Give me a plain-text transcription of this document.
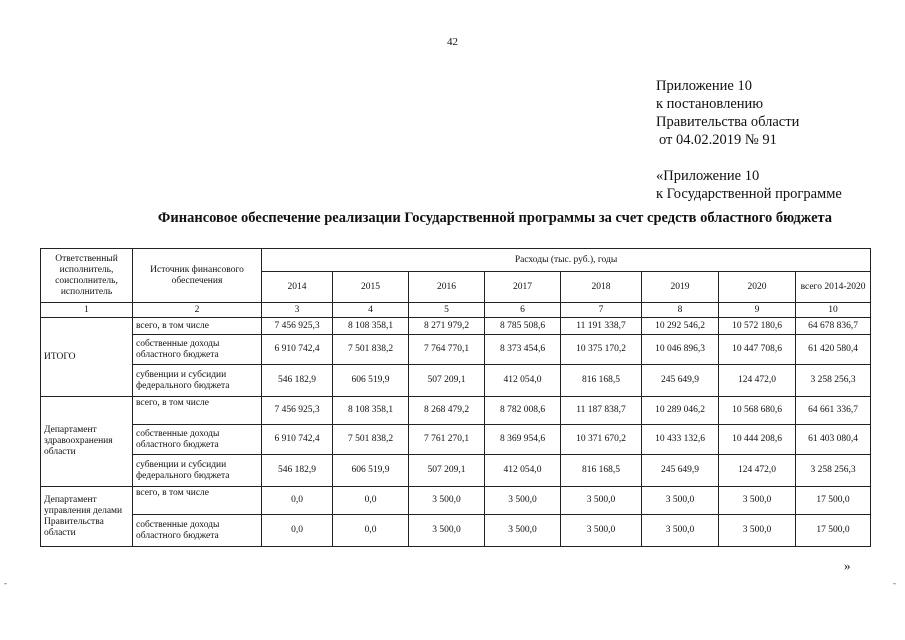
42
Приложение 10
к постановлению
Правительства области
от 04.02.2019 № 91
«Приложение 10
к Государственной программе
Финансовое обеспечение реализации Государственной программы за счет средств областного бюджета
Ответственный исполнитель, соисполнитель, исполнитель	Источник финансового обеспечения	Расходы (тыс. руб.), годы							
		2014	2015	2016	2017	2018	2019	2020	всего 2014-2020
1	2	3	4	5	6	7	8	9	10
ИТОГО	всего, в том числе	7 456 925,3	8 108 358,1	8 271 979,2	8 785 508,6	11 191 338,7	10 292 546,2	10 572 180,6	64 678 836,7
	собственные доходы областного бюджета	6 910 742,4	7 501 838,2	7 764 770,1	8 373 454,6	10 375 170,2	10 046 896,3	10 447 708,6	61 420 580,4
	субвенции и субсидии федерального бюджета	546 182,9	606 519,9	507 209,1	412 054,0	816 168,5	245 649,9	124 472,0	3 258 256,3
Департамент здравоохранения области	всего, в том числе	7 456 925,3	8 108 358,1	8 268 479,2	8 782 008,6	11 187 838,7	10 289 046,2	10 568 680,6	64 661 336,7
	собственные доходы областного бюджета	6 910 742,4	7 501 838,2	7 761 270,1	8 369 954,6	10 371 670,2	10 433 132,6	10 444 208,6	61 403 080,4
	субвенции и субсидии федерального бюджета	546 182,9	606 519,9	507 209,1	412 054,0	816 168,5	245 649,9	124 472,0	3 258 256,3
Департамент управления делами Правительства области	всего, в том числе	0,0	0,0	3 500,0	3 500,0	3 500,0	3 500,0	3 500,0	17 500,0
	собственные доходы областного бюджета	0,0	0,0	3 500,0	3 500,0	3 500,0	3 500,0	3 500,0	17 500,0
»
-	-
